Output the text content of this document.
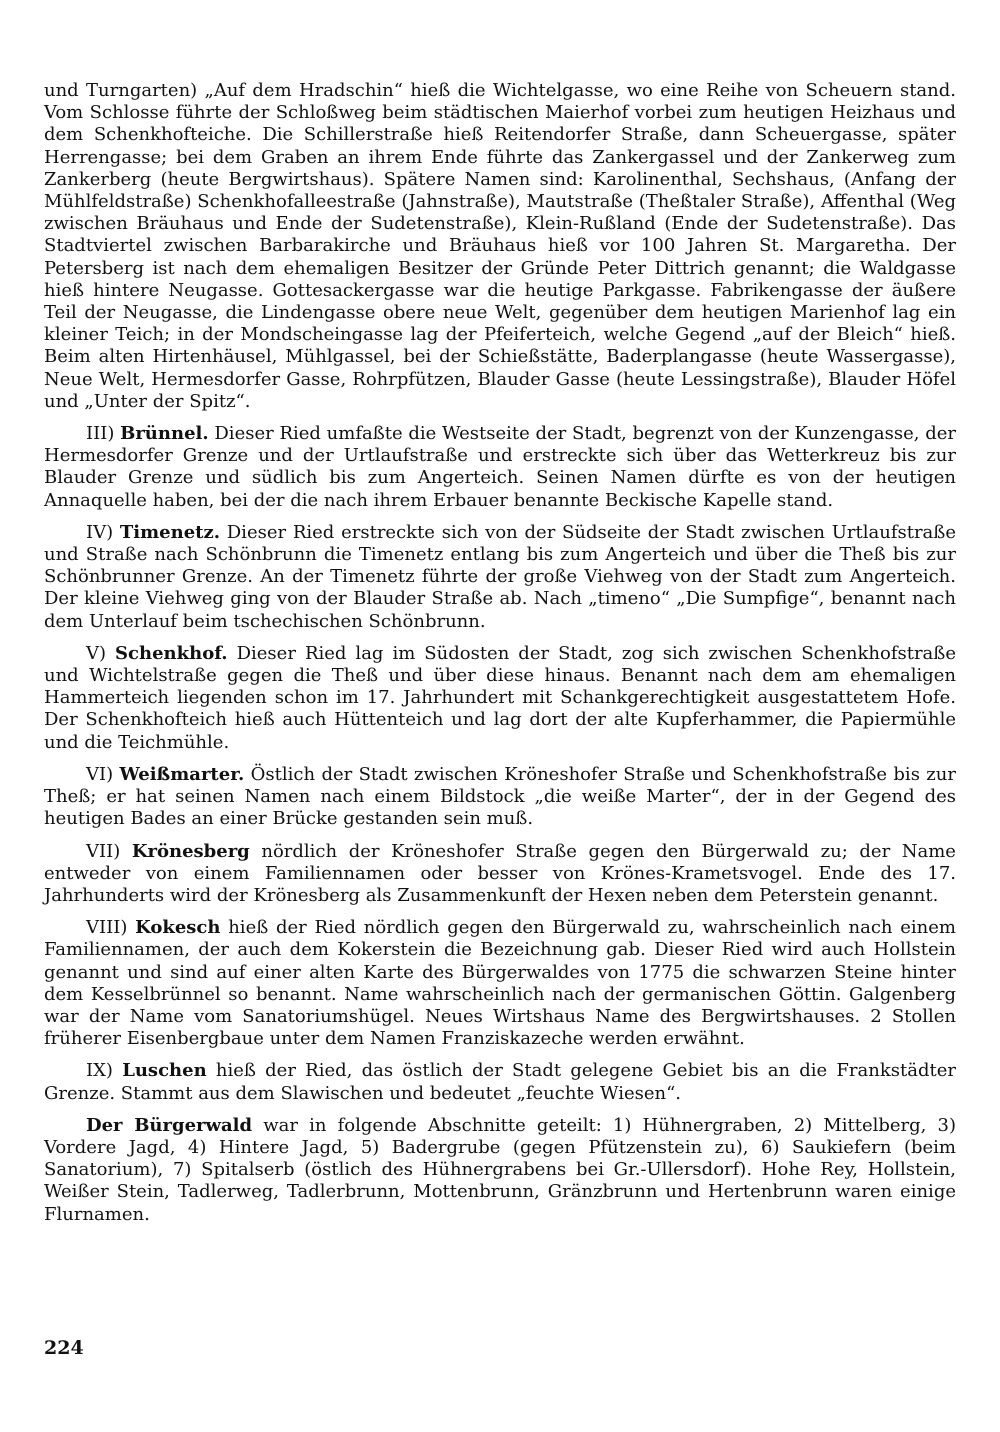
und Turngarten) „Auf dem Hradschin“ hieß die Wichtelgasse, wo eine Reihe von Scheuern stand. Vom Schlosse führte der Schloßweg beim städtischen Maierhof vorbei zum heutigen Heizhaus und dem Schenkhofteiche. Die Schillerstraße hieß Reitendorfer Straße, dann Scheuergasse, später Herrengasse; bei dem Graben an ihrem Ende führte das Zankergassel und der Zankerweg zum Zankerberg (heute Bergwirtshaus). Spätere Namen sind: Karolinenthal, Sechshaus, (Anfang der Mühlfeldstraße) Schenkhofalleestraße (Jahnstraße), Mautstraße (Theßtaler Straße), Affenthal (Weg zwischen Bräuhaus und Ende der Sudetenstraße), Klein-Rußland (Ende der Sudetenstraße). Das Stadtviertel zwischen Barbarakirche und Bräuhaus hieß vor 100 Jahren St. Margaretha. Der Petersberg ist nach dem ehemaligen Besitzer der Gründe Peter Dittrich genannt; die Waldgasse hieß hintere Neugasse. Gottesackergasse war die heutige Parkgasse. Fabrikengasse der äußere Teil der Neugasse, die Lindengasse obere neue Welt, gegenüber dem heutigen Marienhof lag ein kleiner Teich; in der Mondscheingasse lag der Pfeiferteich, welche Gegend „auf der Bleich“ hieß. Beim alten Hirtenhäusel, Mühlgassel, bei der Schießstätte, Baderplangasse (heute Wassergasse), Neue Welt, Hermesdorfer Gasse, Rohrpfützen, Blauder Gasse (heute Lessingstraße), Blauder Höfel und „Unter der Spitz“.

III) Brünnel. Dieser Ried umfaßte die Westseite der Stadt, begrenzt von der Kunzengasse, der Hermesdorfer Grenze und der Urtlaufstraße und erstreckte sich über das Wetterkreuz bis zur Blauder Grenze und südlich bis zum Angerteich. Seinen Namen dürfte es von der heutigen Annaquelle haben, bei der die nach ihrem Erbauer benannte Beckische Kapelle stand.

IV) Timenetz. Dieser Ried erstreckte sich von der Südseite der Stadt zwischen Urtlaufstraße und Straße nach Schönbrunn die Timenetz entlang bis zum Angerteich und über die Theß bis zur Schönbrunner Grenze. An der Timenetz führte der große Viehweg von der Stadt zum Angerteich. Der kleine Viehweg ging von der Blauder Straße ab. Nach „timeno“ „Die Sumpfige“, benannt nach dem Unterlauf beim tschechischen Schönbrunn.

V) Schenkhof. Dieser Ried lag im Südosten der Stadt, zog sich zwischen Schenkhofstraße und Wichtelstraße gegen die Theß und über diese hinaus. Benannt nach dem am ehemaligen Hammerteich liegenden schon im 17. Jahrhundert mit Schankgerechtigkeit ausgestattetem Hofe. Der Schenkhofteich hieß auch Hüttenteich und lag dort der alte Kupferhammer, die Papiermühle und die Teichmühle.

VI) Weißmarter. Östlich der Stadt zwischen Kröneshofer Straße und Schenkhofstraße bis zur Theß; er hat seinen Namen nach einem Bildstock „die weiße Marter“, der in der Gegend des heutigen Bades an einer Brücke gestanden sein muß.

VII) Krönesberg nördlich der Kröneshofer Straße gegen den Bürgerwald zu; der Name entweder von einem Familiennamen oder besser von Krönes-Krametsvogel. Ende des 17. Jahrhunderts wird der Krönesberg als Zusammenkunft der Hexen neben dem Peterstein genannt.

VIII) Kokesch hieß der Ried nördlich gegen den Bürgerwald zu, wahrscheinlich nach einem Familiennamen, der auch dem Kokerstein die Bezeichnung gab. Dieser Ried wird auch Hollstein genannt und sind auf einer alten Karte des Bürgerwaldes von 1775 die schwarzen Steine hinter dem Kesselbrünnel so benannt. Name wahrscheinlich nach der germanischen Göttin. Galgenberg war der Name vom Sanatoriumshügel. Neues Wirtshaus Name des Bergwirtshauses. 2 Stollen früherer Eisenbergbaue unter dem Namen Franziskazeche werden erwähnt.

IX) Luschen hieß der Ried, das östlich der Stadt gelegene Gebiet bis an die Frankstädter Grenze. Stammt aus dem Slawischen und bedeutet „feuchte Wiesen“.

Der Bürgerwald war in folgende Abschnitte geteilt: 1) Hühnergraben, 2) Mittelberg, 3) Vordere Jagd, 4) Hintere Jagd, 5) Badergrube (gegen Pfützenstein zu), 6) Saukiefern (beim Sanatorium), 7) Spitalserb (östlich des Hühnergrabens bei Gr.-Ullersdorf). Hohe Rey, Hollstein, Weißer Stein, Tadlerweg, Tadlerbrunn, Mottenbrunn, Gränzbrunn und Hertenbrunn waren einige Flurnamen.

224
